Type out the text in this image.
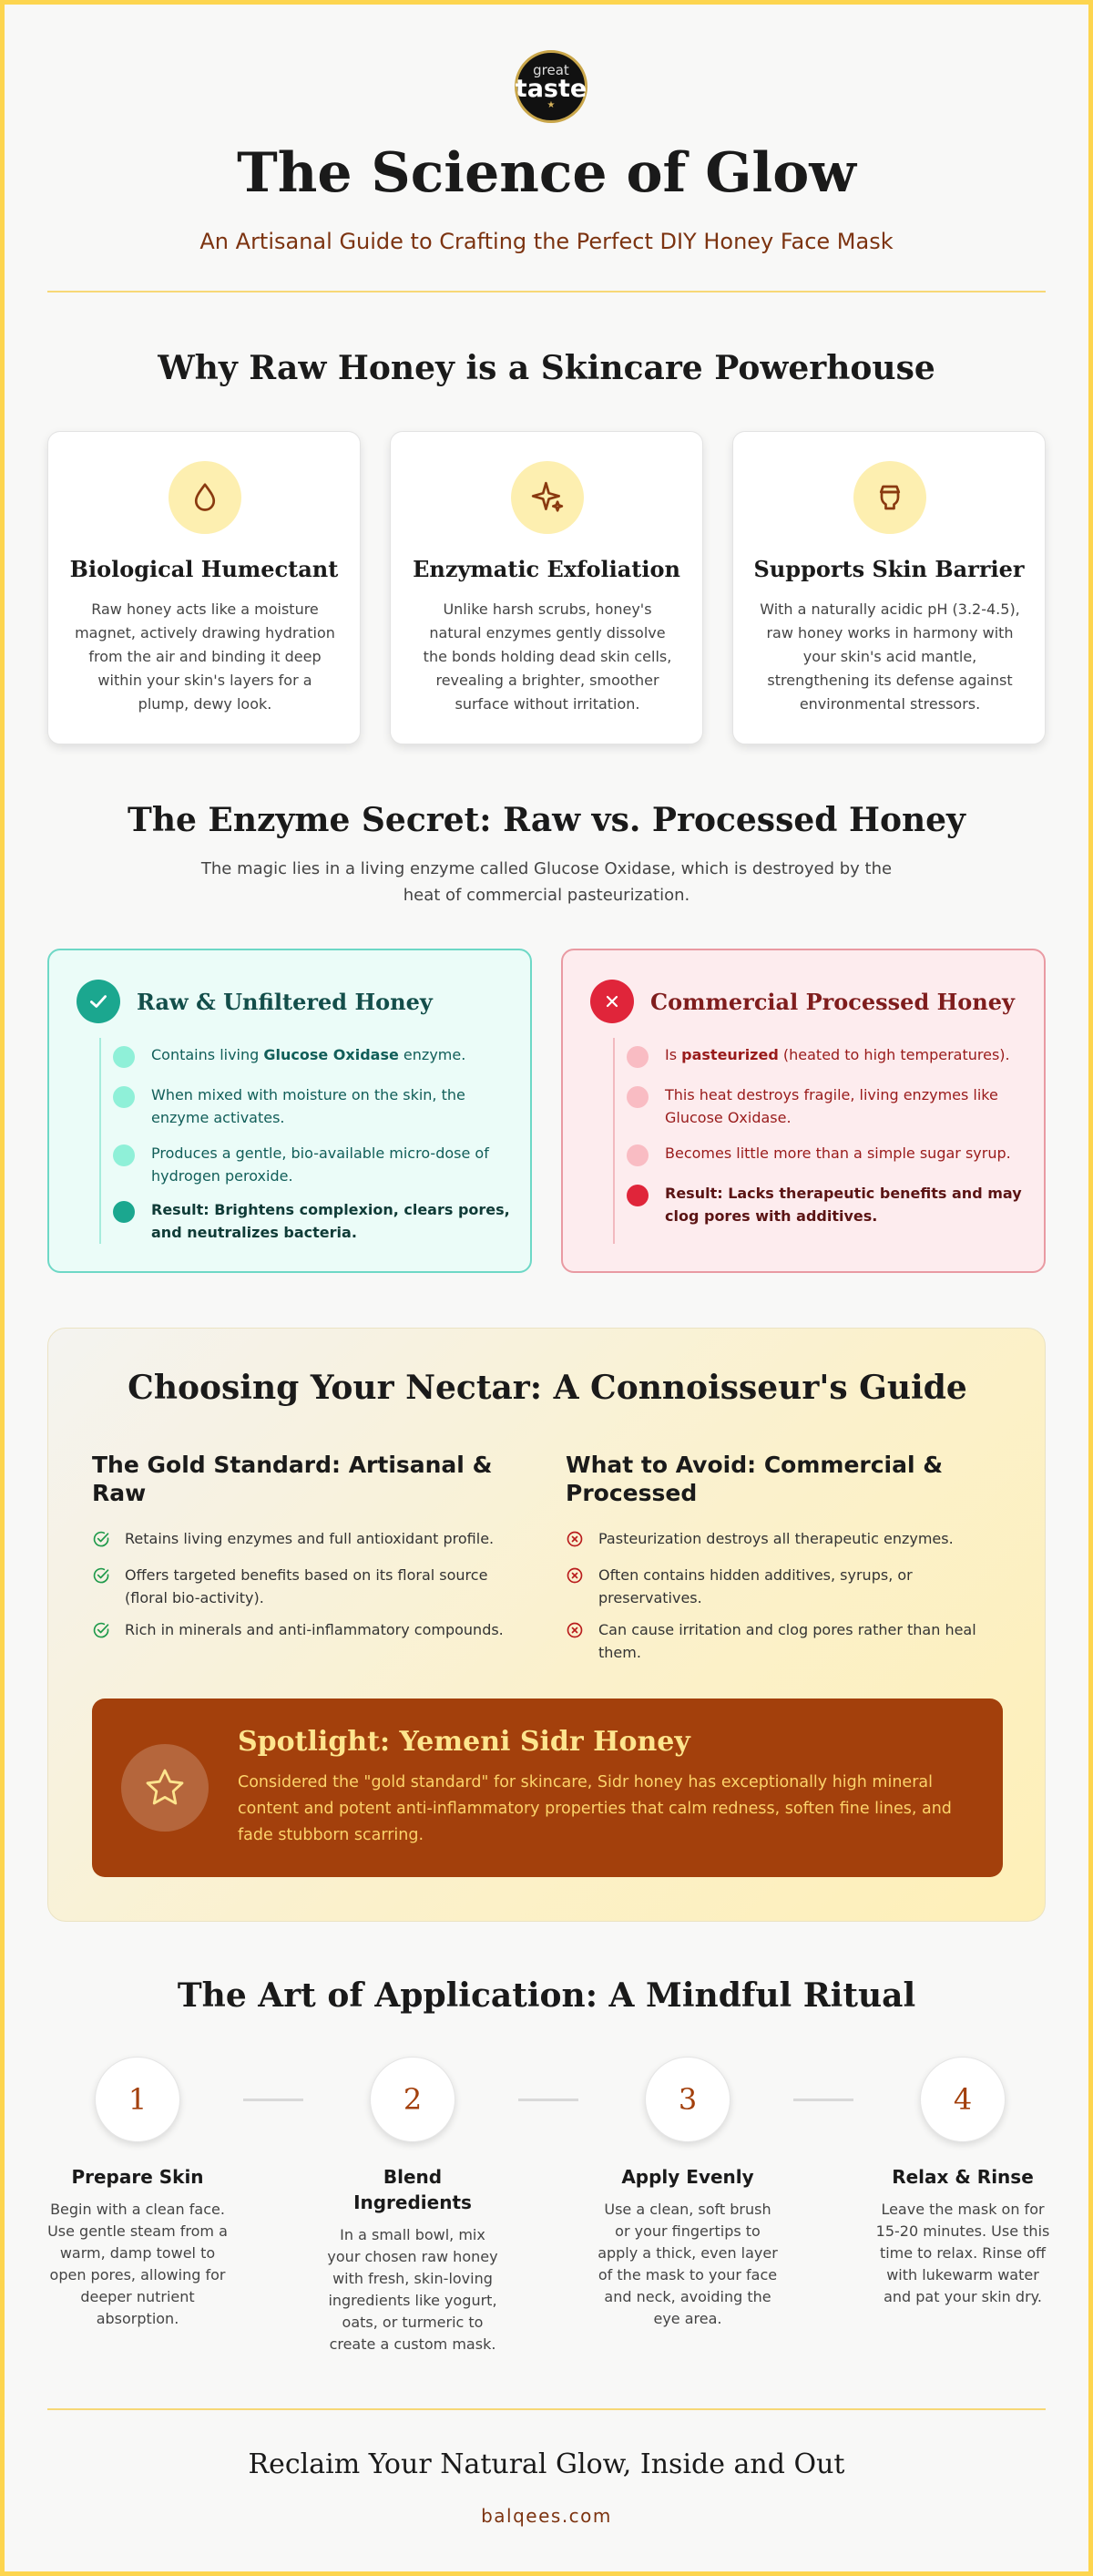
great
taste
★
The Science of Glow
An Artisanal Guide to Crafting the Perfect DIY Honey Face Mask
Why Raw Honey is a Skincare Powerhouse
Biological Humectant

Raw honey acts like a moisture magnet, actively drawing hydration from the air and binding it deep within your skin's layers for a plump, dewy look.

Enzymatic Exfoliation

Unlike harsh scrubs, honey's natural enzymes gently dissolve the bonds holding dead skin cells, revealing a brighter, smoother surface without irritation.

Supports Skin Barrier

With a naturally acidic pH (3.2-4.5), raw honey works in harmony with your skin's acid mantle, strengthening its defense against environmental stressors.

The Enzyme Secret: Raw vs. Processed Honey

The magic lies in a living enzyme called Glucose Oxidase, which is destroyed by the heat of commercial pasteurization.

Raw & Unfiltered Honey
Contains living Glucose Oxidase enzyme.
When mixed with moisture on the skin, the enzyme activates.
Produces a gentle, bio-available micro-dose of hydrogen peroxide.
Result: Brightens complexion, clears pores, and neutralizes bacteria.
Commercial Processed Honey
Is pasteurized (heated to high temperatures).
This heat destroys fragile, living enzymes like Glucose Oxidase.
Becomes little more than a simple sugar syrup.
Result: Lacks therapeutic benefits and may clog pores with additives.
Choosing Your Nectar: A Connoisseur's Guide
The Gold Standard: Artisanal & Raw
Retains living enzymes and full antioxidant profile.
Offers targeted benefits based on its floral source (floral bio-activity).
Rich in minerals and anti-inflammatory compounds.
What to Avoid: Commercial & Processed
Pasteurization destroys all therapeutic enzymes.
Often contains hidden additives, syrups, or preservatives.
Can cause irritation and clog pores rather than heal them.
Spotlight: Yemeni Sidr Honey

Considered the "gold standard" for skincare, Sidr honey has exceptionally high mineral content and potent anti-inflammatory properties that calm redness, soften fine lines, and fade stubborn scarring.

The Art of Application: A Mindful Ritual
1
Prepare Skin

Begin with a clean face. Use gentle steam from a warm, damp towel to open pores, allowing for deeper nutrient absorption.

2
Blend Ingredients

In a small bowl, mix your chosen raw honey with fresh, skin-loving ingredients like yogurt, oats, or turmeric to create a custom mask.

3
Apply Evenly

Use a clean, soft brush or your fingertips to apply a thick, even layer of the mask to your face and neck, avoiding the eye area.

4
Relax & Rinse

Leave the mask on for 15-20 minutes. Use this time to relax. Rinse off with lukewarm water and pat your skin dry.

Reclaim Your Natural Glow, Inside and Out
balqees.com
